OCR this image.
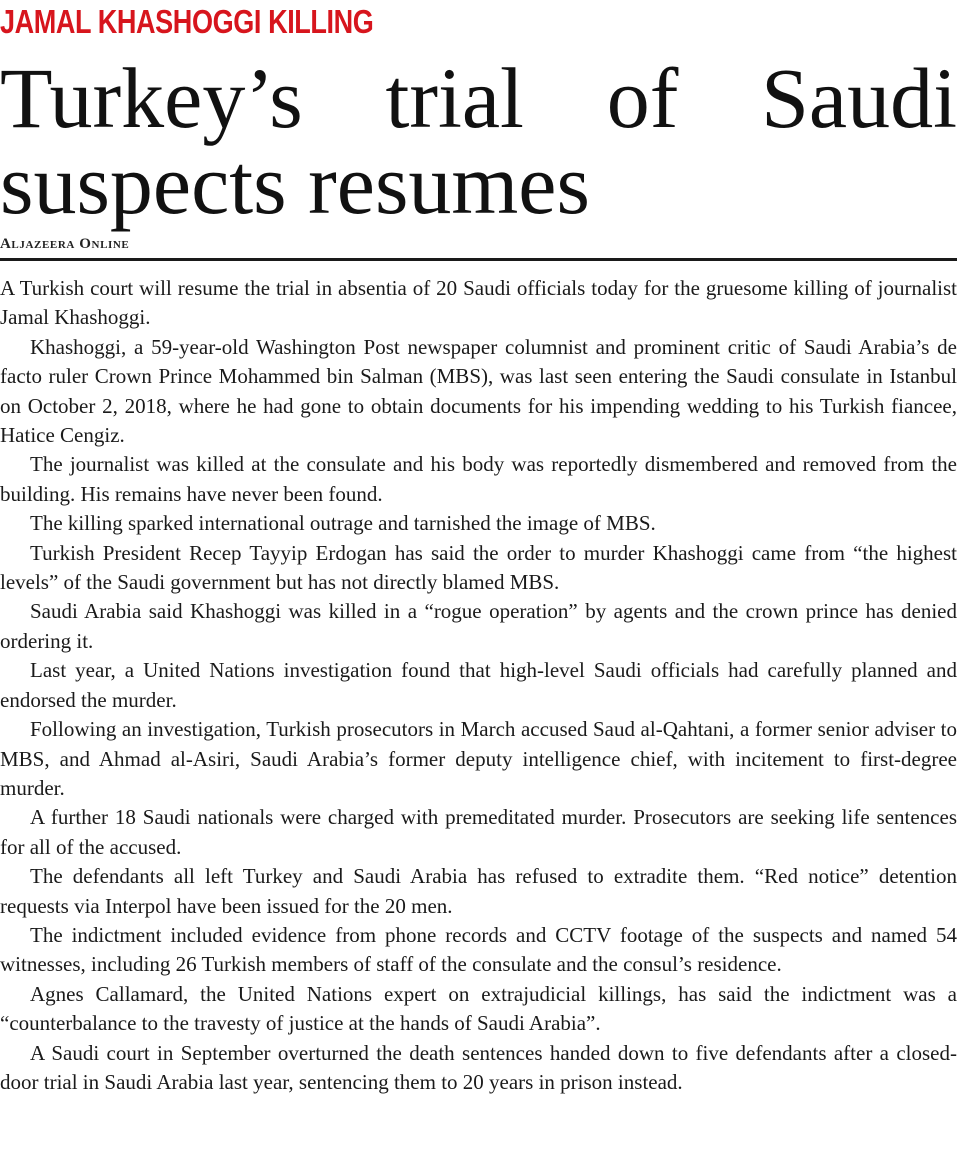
JAMAL KHASHOGGI KILLING
Turkey’s trial of Saudi
suspects resumes
Aljazeera Online

A Turkish court will resume the trial in absentia of 20 Saudi officials today for the gruesome killing of journalist Jamal Khashoggi.

Khashoggi, a 59-year-old Washington Post newspaper columnist and prominent critic of Saudi Arabia’s de facto ruler Crown Prince Mohammed bin Salman (MBS), was last seen entering the Saudi consulate in Istanbul on October 2, 2018, where he had gone to obtain documents for his impending wedding to his Turkish fiancee, Hatice Cengiz.

The journalist was killed at the consulate and his body was reportedly dismembered and removed from the building. His remains have never been found.

The killing sparked international outrage and tarnished the image of MBS.

Turkish President Recep Tayyip Erdogan has said the order to murder Khashoggi came from “the highest levels” of the Saudi government but has not directly blamed MBS.

Saudi Arabia said Khashoggi was killed in a “rogue operation” by agents and the crown prince has denied ordering it.

Last year, a United Nations investigation found that high-level Saudi officials had carefully planned and endorsed the murder.

Following an investigation, Turkish prosecutors in March accused Saud al-Qahtani, a former senior adviser to MBS, and Ahmad al-Asiri, Saudi Arabia’s former deputy intelligence chief, with incitement to first-degree murder.

A further 18 Saudi nationals were charged with premeditated murder. Prosecutors are seeking life sentences for all of the accused.

The defendants all left Turkey and Saudi Arabia has refused to extradite them. “Red notice” detention requests via Interpol have been issued for the 20 men.

The indictment included evidence from phone records and CCTV footage of the suspects and named 54 witnesses, including 26 Turkish members of staff of the consulate and the consul’s residence.

Agnes Callamard, the United Nations expert on extrajudicial killings, has said the indictment was a “counterbalance to the travesty of justice at the hands of Saudi Arabia”.

A Saudi court in September overturned the death sentences handed down to five defendants after a closed-door trial in Saudi Arabia last year, sentencing them to 20 years in prison instead.
